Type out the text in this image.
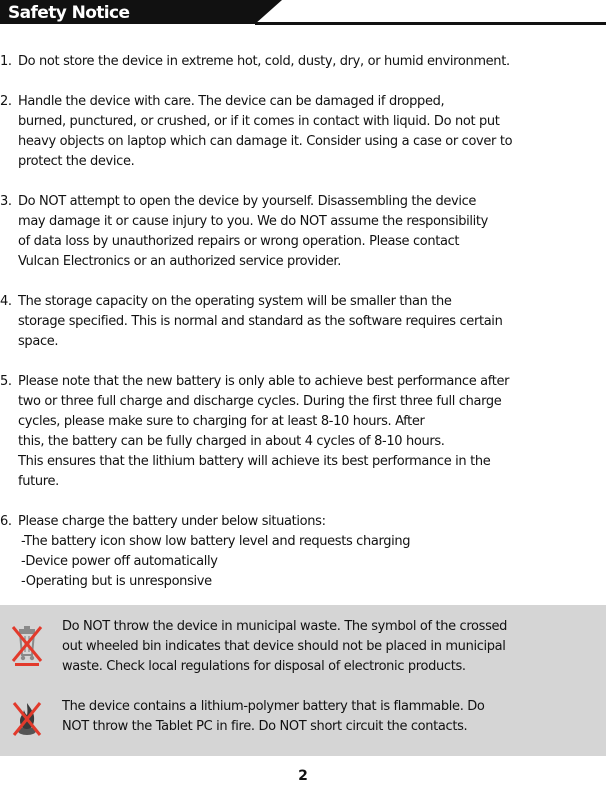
Safety Notice
1. Do not store the device in extreme hot, cold, dusty, dry, or humid environment.
2. Handle the device with care. The device can be damaged if dropped,
burned, punctured, or crushed, or if it comes in contact with liquid. Do not put
heavy objects on laptop which can damage it. Consider using a case or cover to
protect the device.
3. Do NOT attempt to open the device by yourself. Disassembling the device
may damage it or cause injury to you. We do NOT assume the responsibility
of data loss by unauthorized repairs or wrong operation. Please contact
Vulcan Electronics or an authorized service provider.
4. The storage capacity on the operating system will be smaller than the
storage specified. This is normal and standard as the software requires certain
space.
5. Please note that the new battery is only able to achieve best performance after
two or three full charge and discharge cycles. During the first three full charge
cycles, please make sure to charging for at least 8-10 hours. After
this, the battery can be fully charged in about 4 cycles of 8-10 hours.
This ensures that the lithium battery will achieve its best performance in the
future.
6. Please charge the battery under below situations:
-The battery icon show low battery level and requests charging
-Device power off automatically
-Operating but is unresponsive
Do NOT throw the device in municipal waste. The symbol of the crossed
out wheeled bin indicates that device should not be placed in municipal
waste. Check local regulations for disposal of electronic products.
The device contains a lithium-polymer battery that is flammable. Do
NOT throw the Tablet PC in fire. Do NOT short circuit the contacts.
2
